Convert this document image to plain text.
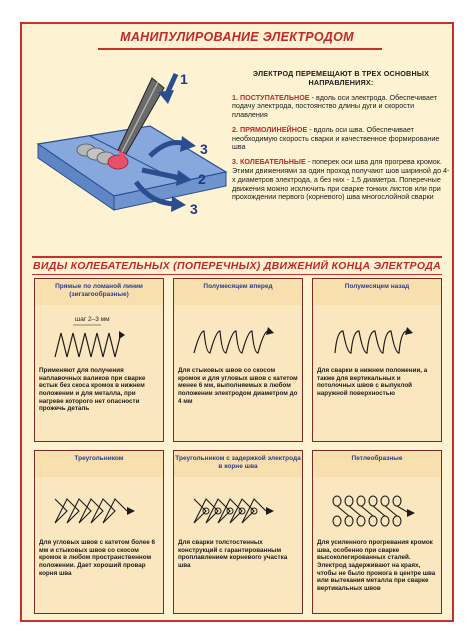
МАНИПУЛИРОВАНИЕ ЭЛЕКТРОДОМ
1
2
3
3
ЭЛЕКТРОД ПЕРЕМЕЩАЮТ В ТРЕХ ОСНОВНЫХ НАПРАВЛЕНИЯХ:
1. ПОСТУПАТЕЛЬНОЕ - вдоль оси электрода. Обеспечивает подачу электрода, постоянство длины дуги и скорости плавления
2. ПРЯМОЛИНЕЙНОЕ - вдоль оси шва. Обеспечивает необходимую скорость сварки и качественное формирование шва
3. КОЛЕБАТЕЛЬНЫЕ - поперек оси шва для прогрева кромок. Этими движениями за один проход получают шов шириной до 4-х диаметров электрода, а без них - 1,5 диаметра. Поперечные движения можно исключить при сварке тонких листов или при прохождении первого (корневого) шва многослойной сварки
ВИДЫ КОЛЕБАТЕЛЬНЫХ (ПОПЕРЕЧНЫХ) ДВИЖЕНИЙ КОНЦА ЭЛЕКТРОДА
Прямые по ломаной линии (зигзагообразные)
шаг 2–3 мм
Применяют для получения наплавочных валиков при сварке встык без скоса кромок в нижнем положении и для металла, при нагреве которого нет опасности прожечь деталь
Полумесяцем вперед
Для стыковых швов со скосом кромок и для угловых швов с катетом менее 6 мм, выполняемых в любом положении электродом диаметром до 4 мм
Полумесяцем назад
Для сварки в нижнем положении, а также для вертикальных и потолочных швов с выпуклой наружной поверхностью
Треугольником
Для угловых швов с катетом более 6 мм и стыковых швов со скосом кромок в любом пространственном положении. Дает хороший провар корня шва
Треугольником с задержкой электрода в корне шва
Для сварки толстостенных конструкций с гарантированным проплавлением корневого участка шва
Петлеобразные
Для усиленного прогревания кромок шва, особенно при сварке высоколегированных сталей. Электрод задерживают на краях, чтобы не было прожога в центре шва или вытекания металла при сварке вертикальных швов
